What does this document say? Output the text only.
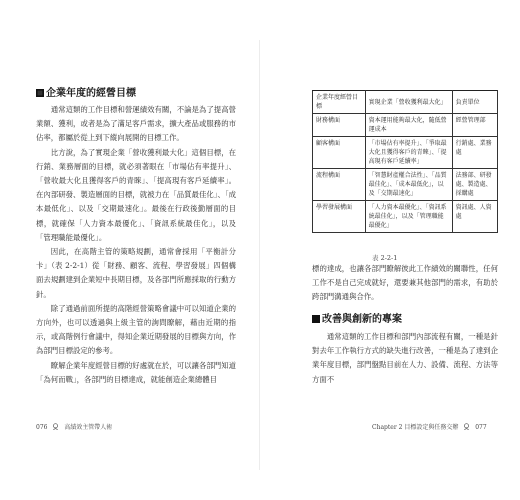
企業年度的經營目標

通常這類的工作目標和營運績效有關，不論是為了提高營業額、獲利，或者是為了滿足客戶需求，擴大產品或服務的市佔率，都屬於從上到下縱向展開的目標工作。

比方說，為了實現企業「營收獲利最大化」這個目標，在行銷、業務層面的目標，就必須著眼在「市場佔有率提升」、「營收最大化且獲得客戶的青睞」、「提高現有客戶延續率」。在內部研發、製造層面的目標，就被力在「品質最佳化」、「成本最低化」、以及「交期最速化」。最後在行政後勤層面的目標，就確保「人力資本最優化」、「資訊系統最佳化」，以及「管理職能最優化」。

因此，在高階主管的策略規劃，通常會採用「平衡計分卡」（表 2-2-1）從「財務、顧客、流程、學習發展」四個構面去規劃建到企業短中長期目標，及各部門所應採取的行動方針。

除了通過前面所提的高階經營策略會議中可以知道企業的方向外，也可以透過與上級主管的詢問瞭解，藉由近期的指示，或高階例行會議中，得知企業近期發展的目標與方向，作為部門目標設定的參考。

瞭解企業年度經營目標的好處就在於，可以讓各部門知道「為何而戰」，各部門的目標達成，就能創造企業總體目

076	高績效主管帶人術
企業年度經營目標	實現企業「營收獲利最大化」	負責單位
財務構面	資本運用能夠最大化，隨低營運成本	經營管理部
顧客構面	「市場佔有率提升」、「爭取最大化且獲得客戶的青睞」、「提高現有客戶延續率」	行銷處、業務處
流程構面	「智慧財產權合法性」、「品質最佳化」、「成本最低化」，以及「交期最速化」	法務部、研發處、製造處、採購處
學習發展構面	「人力資本最優化」、「資訊系統最佳化」，以及「管理職能最優化」	資訊處、人資處
表 2-2-1

標的達成，也讓各部門瞭解彼此工作績效的關聯性，任何工作不是自己完成就好，還要兼其他部門的需求，有助於跨部門溝通與合作。

改善與創新的專案

通常這類的工作目標和部門內部流程有關，一種是針對去年工作執行方式的缺失進行改善，一種是為了達到企業年度目標，部門盤點目前在人力、設備、流程、方法等方面不

Chapter 2 目標設定與任務交辦	077
